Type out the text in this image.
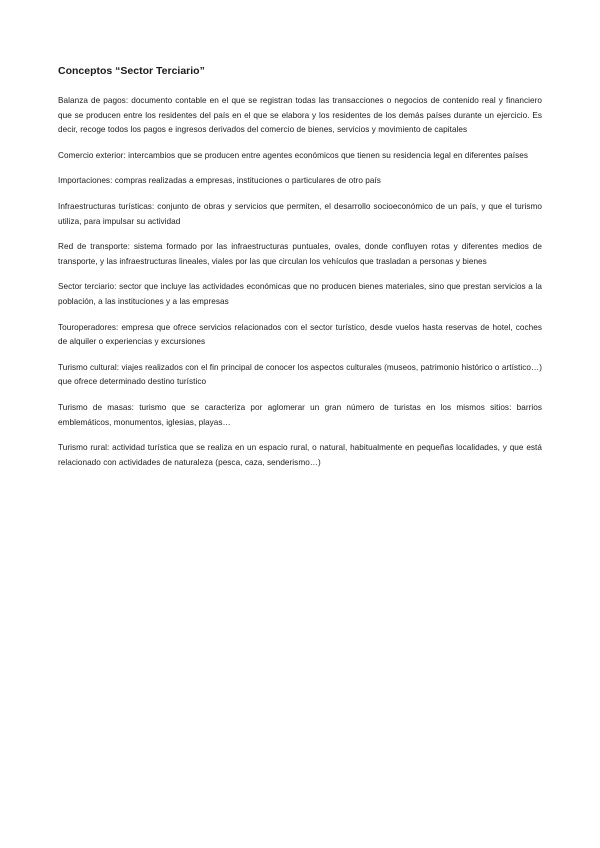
Conceptos “Sector Terciario”

Balanza de pagos: documento contable en el que se registran todas las transacciones o negocios de contenido real y financiero que se producen entre los residentes del país en el que se elabora y los residentes de los demás países durante un ejercicio. Es decir, recoge todos los pagos e ingresos derivados del comercio de bienes, servicios y movimiento de capitales

Comercio exterior: intercambios que se producen entre agentes económicos que tienen su residencia legal en diferentes países

Importaciones: compras realizadas a empresas, instituciones o particulares de otro país

Infraestructuras turísticas: conjunto de obras y servicios que permiten, el desarrollo socioeconómico de un país, y que el turismo utiliza, para impulsar su actividad

Red de transporte: sistema formado por las infraestructuras puntuales, ovales, donde confluyen rotas y diferentes medios de transporte, y las infraestructuras lineales, viales por las que circulan los vehículos que trasladan a personas y bienes

Sector terciario: sector que incluye las actividades económicas que no producen bienes materiales, sino que prestan servicios a la población, a las instituciones y a las empresas

Touroperadores: empresa que ofrece servicios relacionados con el sector turístico, desde vuelos hasta reservas de hotel, coches de alquiler o experiencias y excursiones

Turismo cultural: viajes realizados con el fin principal de conocer los aspectos culturales (museos, patrimonio histórico o artístico…) que ofrece determinado destino turístico

Turismo de masas: turismo que se caracteriza por aglomerar un gran número de turistas en los mismos sitios: barrios emblemáticos, monumentos, iglesias, playas…

Turismo rural: actividad turística que se realiza en un espacio rural, o natural, habitualmente en pequeñas localidades, y que está relacionado con actividades de naturaleza (pesca, caza, senderismo…)
